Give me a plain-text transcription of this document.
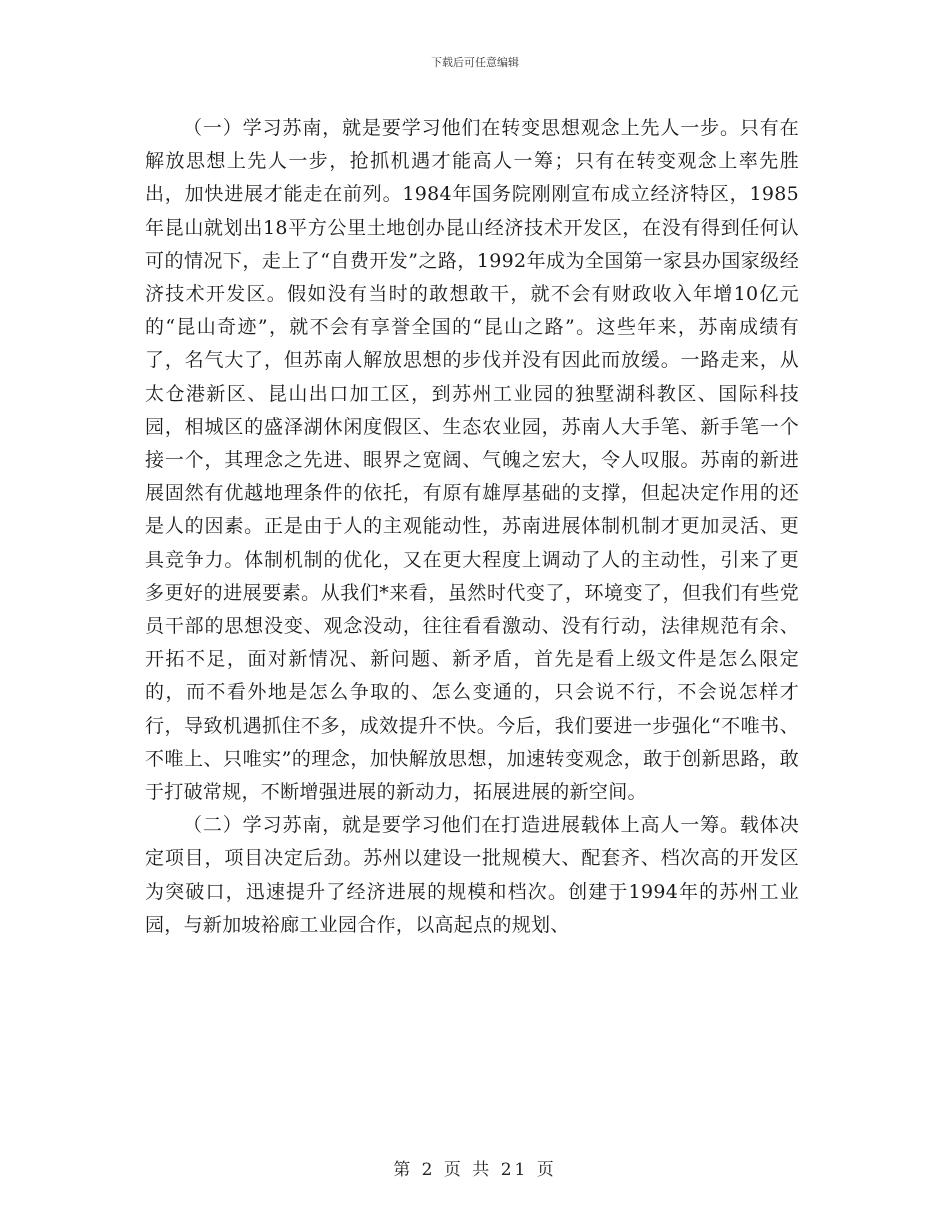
下载后可任意编辑

（一）学习苏南，就是要学习他们在转变思想观念上先人一步。只有在解放思想上先人一步，抢抓机遇才能高人一筹；只有在转变观念上率先胜出，加快进展才能走在前列。1984年国务院刚刚宣布成立经济特区，1985年昆山就划出18平方公里土地创办昆山经济技术开发区，在没有得到任何认可的情况下，走上了“自费开发”之路，1992年成为全国第一家县办国家级经济技术开发区。假如没有当时的敢想敢干，就不会有财政收入年增10亿元的“昆山奇迹”，就不会有享誉全国的“昆山之路”。这些年来，苏南成绩有了，名气大了，但苏南人解放思想的步伐并没有因此而放缓。一路走来，从太仓港新区、昆山出口加工区，到苏州工业园的独墅湖科教区、国际科技园，相城区的盛泽湖休闲度假区、生态农业园，苏南人大手笔、新手笔一个接一个，其理念之先进、眼界之宽阔、气魄之宏大，令人叹服。苏南的新进展固然有优越地理条件的依托，有原有雄厚基础的支撑，但起决定作用的还是人的因素。正是由于人的主观能动性，苏南进展体制机制才更加灵活、更具竞争力。体制机制的优化，又在更大程度上调动了人的主动性，引来了更多更好的进展要素。从我们*来看，虽然时代变了，环境变了，但我们有些党员干部的思想没变、观念没动，往往看看激动、没有行动，法律规范有余、开拓不足，面对新情况、新问题、新矛盾，首先是看上级文件是怎么限定的，而不看外地是怎么争取的、怎么变通的，只会说不行，不会说怎样才行，导致机遇抓住不多，成效提升不快。今后，我们要进一步强化“不唯书、不唯上、只唯实”的理念，加快解放思想，加速转变观念，敢于创新思路，敢于打破常规，不断增强进展的新动力，拓展进展的新空间。

（二）学习苏南，就是要学习他们在打造进展载体上高人一筹。载体决定项目，项目决定后劲。苏州以建设一批规模大、配套齐、档次高的开发区为突破口，迅速提升了经济进展的规模和档次。创建于1994年的苏州工业园，与新加坡裕廊工业园合作，以高起点的规划、

第 2 页 共 21 页
